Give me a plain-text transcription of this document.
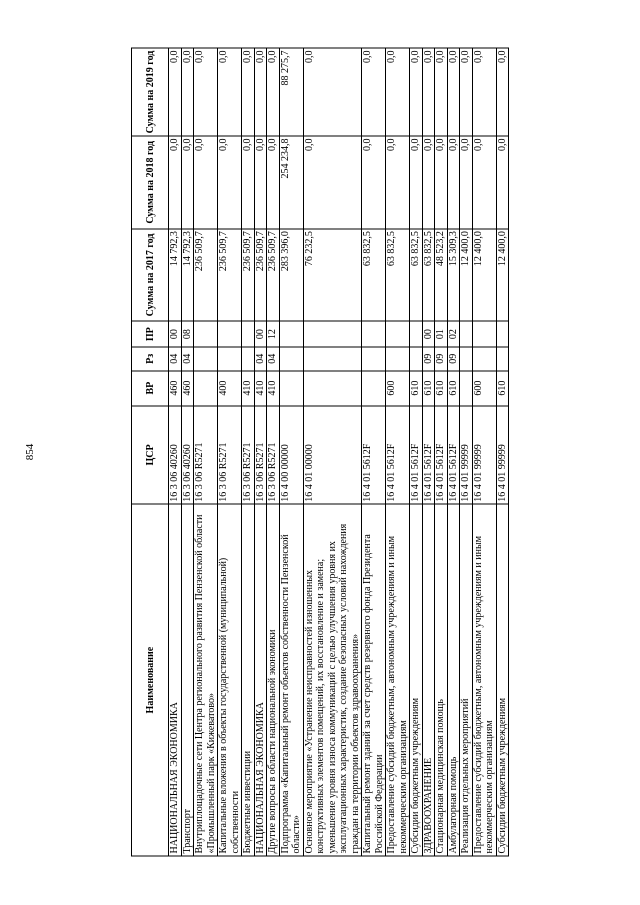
854
Наименование	ЦСР	ВР	Рз	ПР	Сумма на 2017 год	Сумма на 2018 год	Сумма на 2019 год
НАЦИОНАЛЬНАЯ ЭКОНОМИКА	16 3 06 40260	460	04	00	14 792,3	0,0	0,0
Транспорт	16 3 06 40260	460	04	08	14 792,3	0,0	0,0
Внутриплощадочные сети Центра регионального развития Пензенской области «Промышленный парк «Кижеватово»	16 3 06 R5271				236 509,7	0,0	0,0
Капитальные вложения в объекты государственной (муниципальной) собственности	16 3 06 R5271	400			236 509,7	0,0	0,0
Бюджетные инвестиции	16 3 06 R5271	410			236 509,7	0,0	0,0
НАЦИОНАЛЬНАЯ ЭКОНОМИКА	16 3 06 R5271	410	04	00	236 509,7	0,0	0,0
Другие вопросы в области национальной экономики	16 3 06 R5271	410	04	12	236 509,7	0,0	0,0
Подпрограмма «Капитальный ремонт объектов собственности Пензенской области»	16 4 00 00000				283 396,0	254 234,8	88 275,7
Основное мероприятие «Устранение неисправностей изношенных конструктивных элементов помещений, их восстановление и замена; уменьшение уровня износа коммуникаций с целью улучшения уровня их эксплуатационных характеристик, создание безопасных условий нахождения граждан на территории объектов здравоохранения»	16 4 01 00000				76 232,5	0,0	0,0
Капитальный ремонт зданий за счет средств резервного фонда Президента Российской Федерации	16 4 01 5612F				63 832,5	0,0	0,0
Предоставление субсидий бюджетным, автономным учреждениям и иным некоммерческим организациям	16 4 01 5612F	600			63 832,5	0,0	0,0
Субсидии бюджетным учреждениям	16 4 01 5612F	610			63 832,5	0,0	0,0
ЗДРАВООХРАНЕНИЕ	16 4 01 5612F	610	09	00	63 832,5	0,0	0,0
Стационарная медицинская помощь	16 4 01 5612F	610	09	01	48 523,2	0,0	0,0
Амбулаторная помощь	16 4 01 5612F	610	09	02	15 309,3	0,0	0,0
Реализация отдельных мероприятий	16 4 01 99999				12 400,0	0,0	0,0
Предоставление субсидий бюджетным, автономным учреждениям и иным некоммерческим организациям	16 4 01 99999	600			12 400,0	0,0	0,0
Субсидии бюджетным учреждениям	16 4 01 99999	610			12 400,0	0,0	0,0
